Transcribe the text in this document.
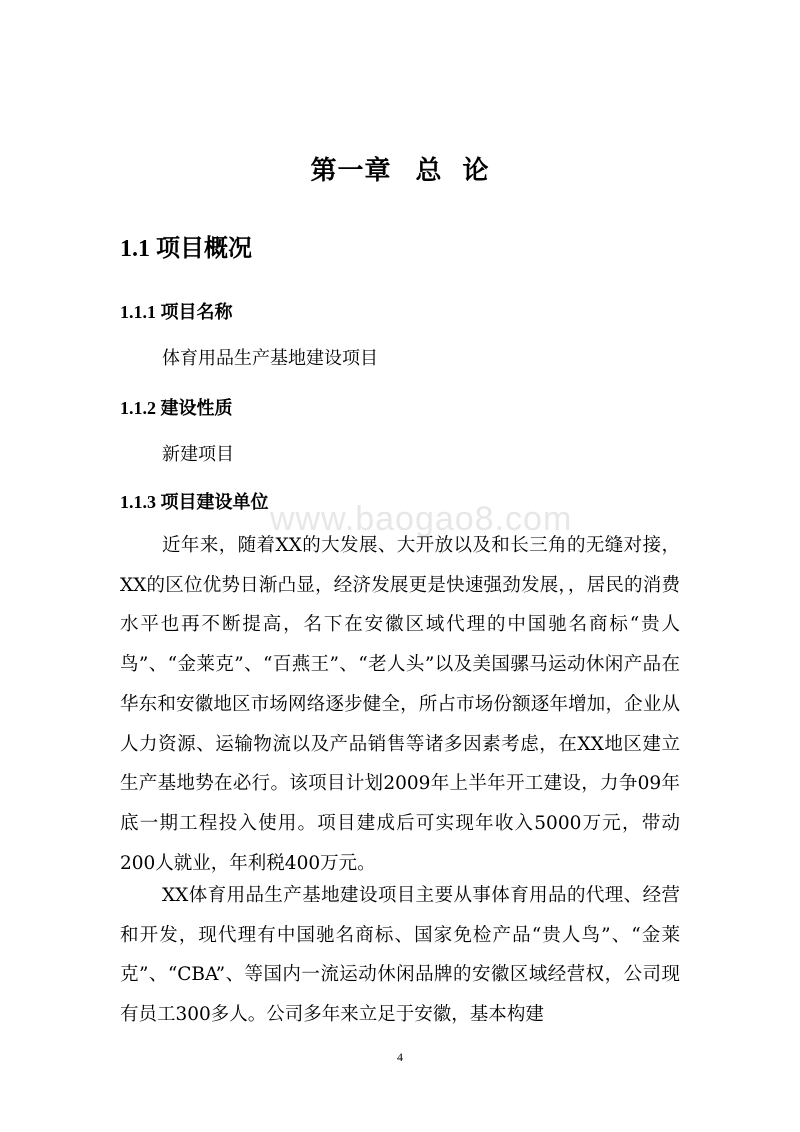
第一章 总 论
1.1 项目概况
1.1.1 项目名称
体育用品生产基地建设项目
1.1.2 建设性质
新建项目
1.1.3 项目建设单位 www.baogao8.com
近年来，随着XX的大发展、大开放以及和长三角的无缝对接，XX的区位优势日渐凸显，经济发展更是快速强劲发展，，居民的消费水平也再不断提高，名下在安徽区域代理的中国驰名商标“贵人鸟”、“金莱克”、“百燕王”、“老人头”以及美国骡马运动休闲产品在华东和安徽地区市场网络逐步健全，所占市场份额逐年增加，企业从人力资源、运输物流以及产品销售等诸多因素考虑，在XX地区建立生产基地势在必行。该项目计划2009年上半年开工建设，力争09年底一期工程投入使用。项目建成后可实现年收入5000万元，带动200人就业，年利税400万元。
XX体育用品生产基地建设项目主要从事体育用品的代理、经营和开发，现代理有中国驰名商标、国家免检产品“贵人鸟”、“金莱克”、“CBA”、等国内一流运动休闲品牌的安徽区域经营权，公司现有员工300多人。公司多年来立足于安徽，基本构建
4
